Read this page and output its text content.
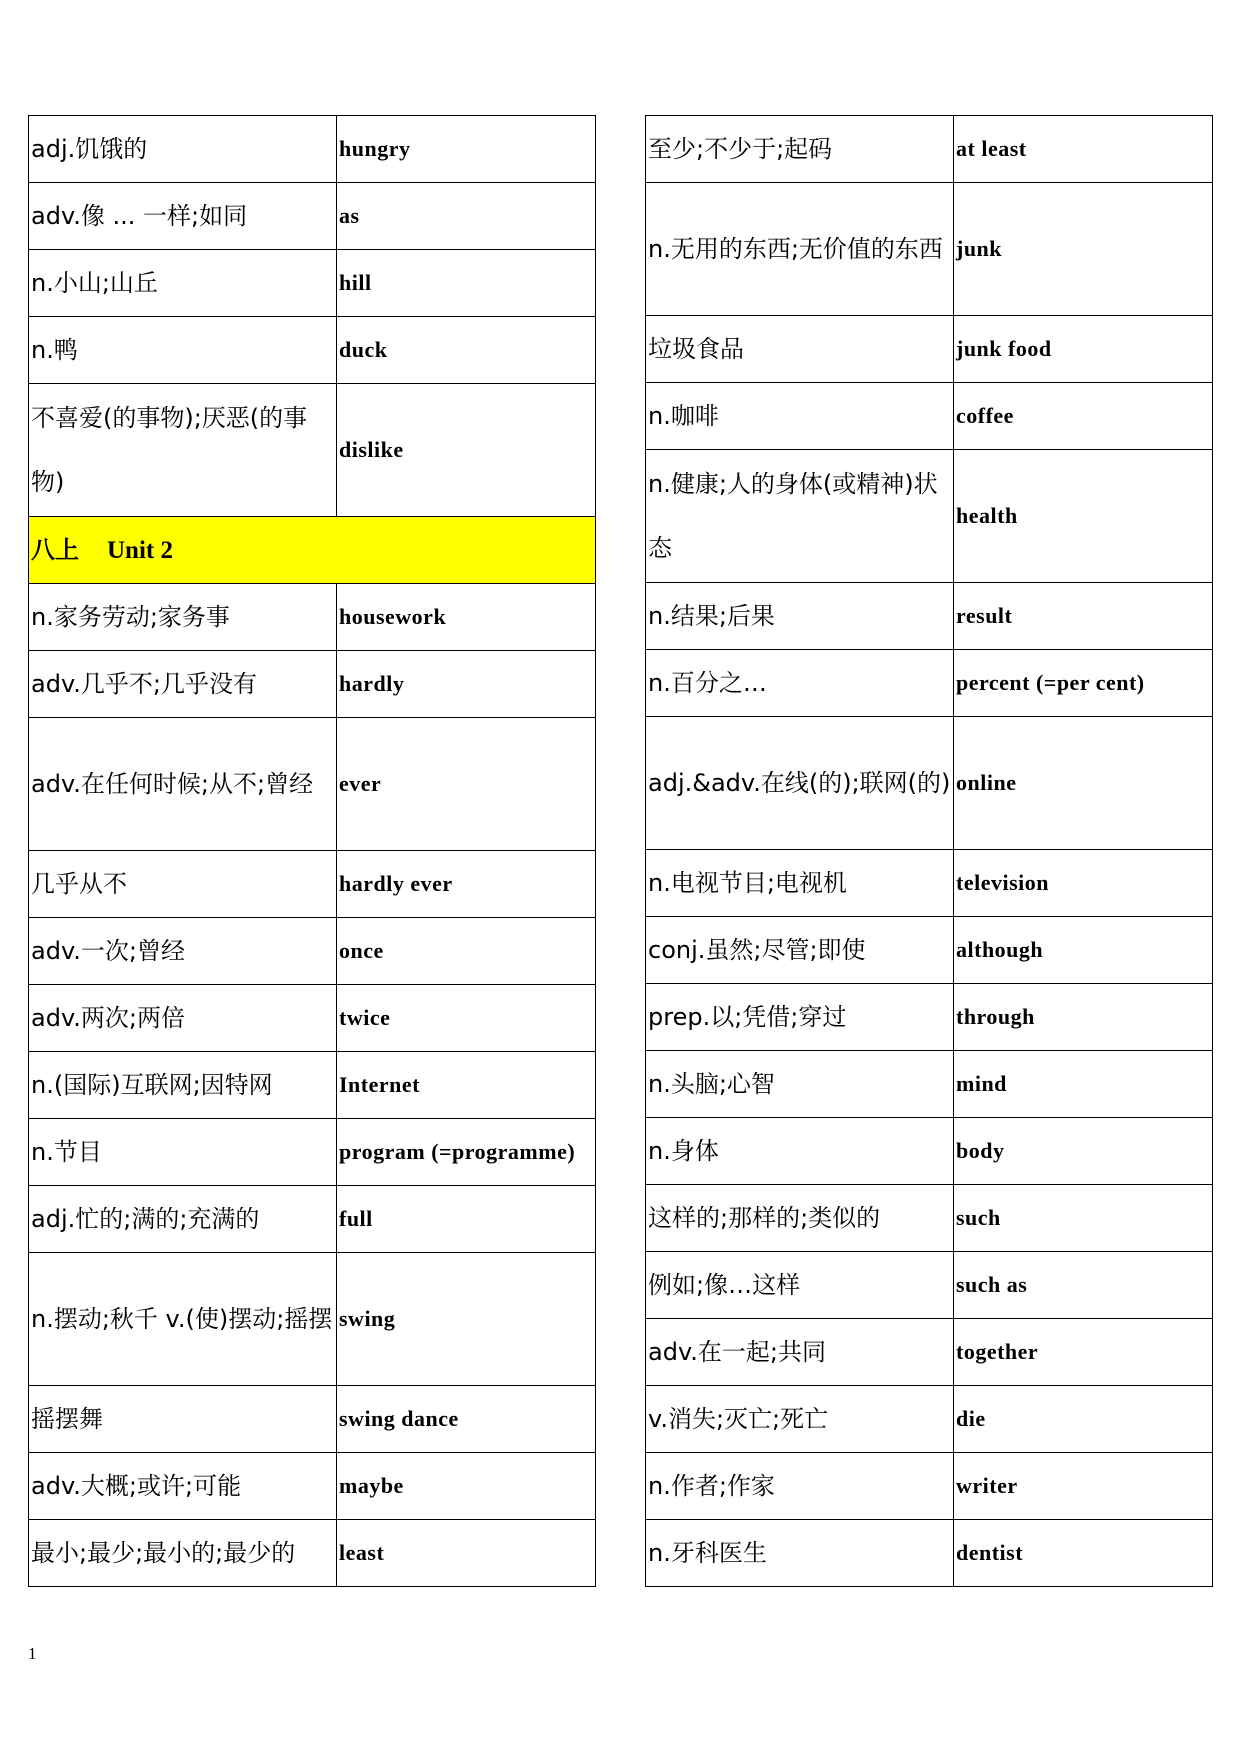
adj.饥饿的	hungry
adv.像 ... 一样;如同	as
n.小山;山丘	hill
n.鸭	duck
不喜爱(的事物);厌恶(的事物)	dislike
八上 Unit 2	
n.家务劳动;家务事	housework
adv.几乎不;几乎没有	hardly
adv.在任何时候;从不;曾经	ever
几乎从不	hardly ever
adv.一次;曾经	once
adv.两次;两倍	twice
n.(国际)互联网;因特网	Internet
n.节目	program (=programme)
adj.忙的;满的;充满的	full
n.摆动;秋千 v.(使)摆动;摇摆	swing
摇摆舞	swing dance
adv.大概;或许;可能	maybe
最小;最少;最小的;最少的	least
至少;不少于;起码	at least
n.无用的东西;无价值的东西	junk
垃圾食品	junk food
n.咖啡	coffee
n.健康;人的身体(或精神)状态	health
n.结果;后果	result
n.百分之…	percent (=per cent)
adj.&adv.在线(的);联网(的)	online
n.电视节目;电视机	television
conj.虽然;尽管;即使	although
prep.以;凭借;穿过	through
n.头脑;心智	mind
n.身体	body
这样的;那样的;类似的	such
例如;像…这样	such as
adv.在一起;共同	together
v.消失;灭亡;死亡	die
n.作者;作家	writer
n.牙科医生	dentist
1
